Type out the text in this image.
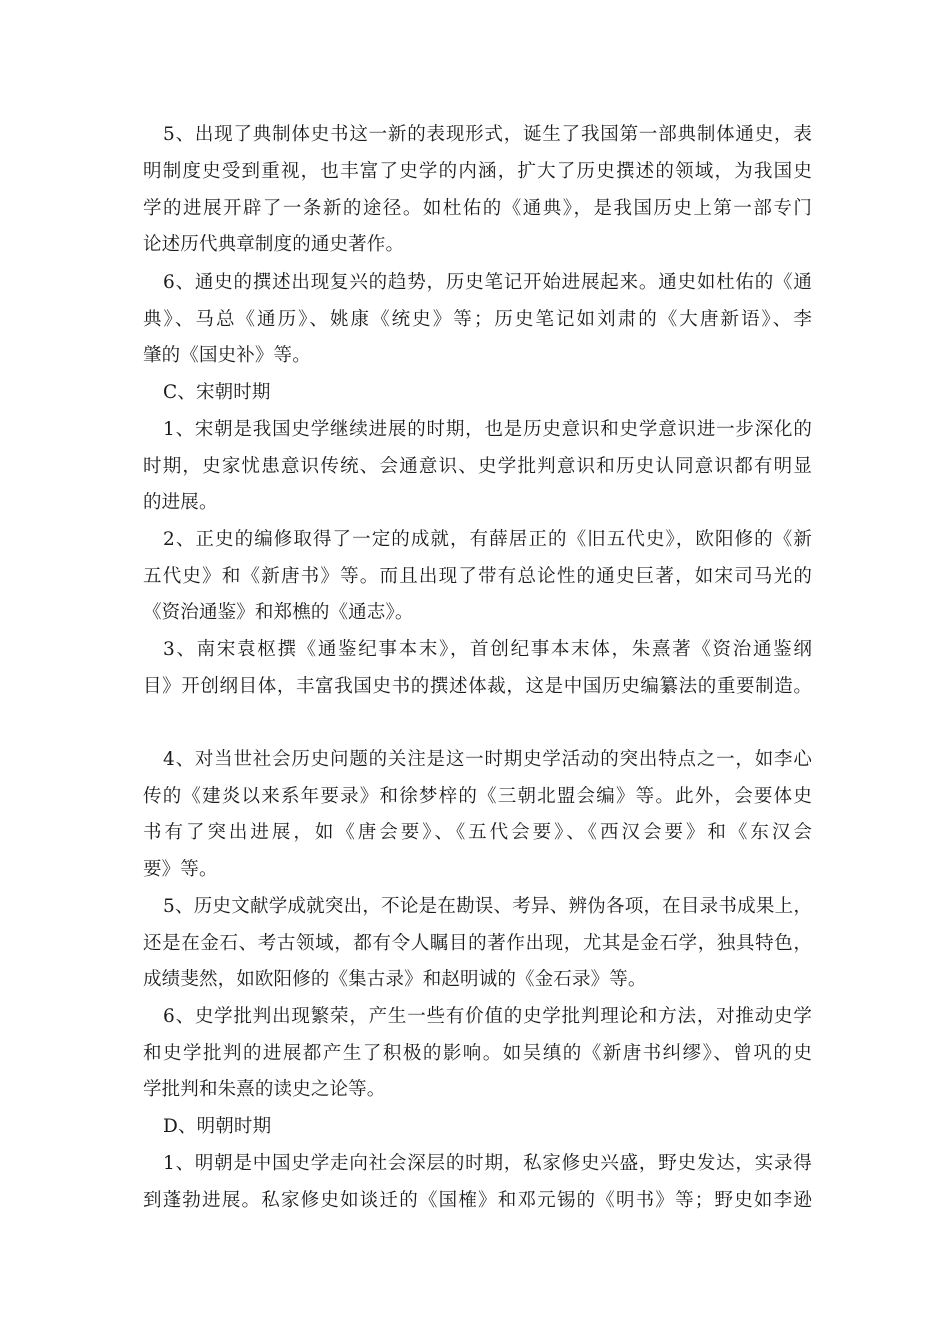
5、出现了典制体史书这一新的表现形式，诞生了我国第一部典制体通史，表
明制度史受到重视，也丰富了史学的内涵，扩大了历史撰述的领域，为我国史
学的进展开辟了一条新的途径。如杜佑的《通典》，是我国历史上第一部专门
论述历代典章制度的通史著作。
6、通史的撰述出现复兴的趋势，历史笔记开始进展起来。通史如杜佑的《通
典》、马总《通历》、姚康《统史》等；历史笔记如刘肃的《大唐新语》、李
肇的《国史补》等。
C、宋朝时期
1、宋朝是我国史学继续进展的时期，也是历史意识和史学意识进一步深化的
时期，史家忧患意识传统、会通意识、史学批判意识和历史认同意识都有明显
的进展。
2、正史的编修取得了一定的成就，有薛居正的《旧五代史》，欧阳修的《新
五代史》和《新唐书》等。而且出现了带有总论性的通史巨著，如宋司马光的
《资治通鉴》和郑樵的《通志》。
3、南宋袁枢撰《通鉴纪事本末》，首创纪事本末体，朱熹著《资治通鉴纲
目》开创纲目体，丰富我国史书的撰述体裁，这是中国历史编纂法的重要制造。
4、对当世社会历史问题的关注是这一时期史学活动的突出特点之一，如李心
传的《建炎以来系年要录》和徐梦梓的《三朝北盟会编》等。此外，会要体史
书有了突出进展，如《唐会要》、《五代会要》、《西汉会要》和《东汉会
要》等。
5、历史文献学成就突出，不论是在勘误、考异、辨伪各项，在目录书成果上，
还是在金石、考古领域，都有令人瞩目的著作出现，尤其是金石学，独具特色，
成绩斐然，如欧阳修的《集古录》和赵明诚的《金石录》等。
6、史学批判出现繁荣，产生一些有价值的史学批判理论和方法，对推动史学
和史学批判的进展都产生了积极的影响。如吴缜的《新唐书纠缪》、曾巩的史
学批判和朱熹的读史之论等。
D、明朝时期
1、明朝是中国史学走向社会深层的时期，私家修史兴盛，野史发达，实录得
到蓬勃进展。私家修史如谈迁的《国榷》和邓元锡的《明书》等；野史如李逊
